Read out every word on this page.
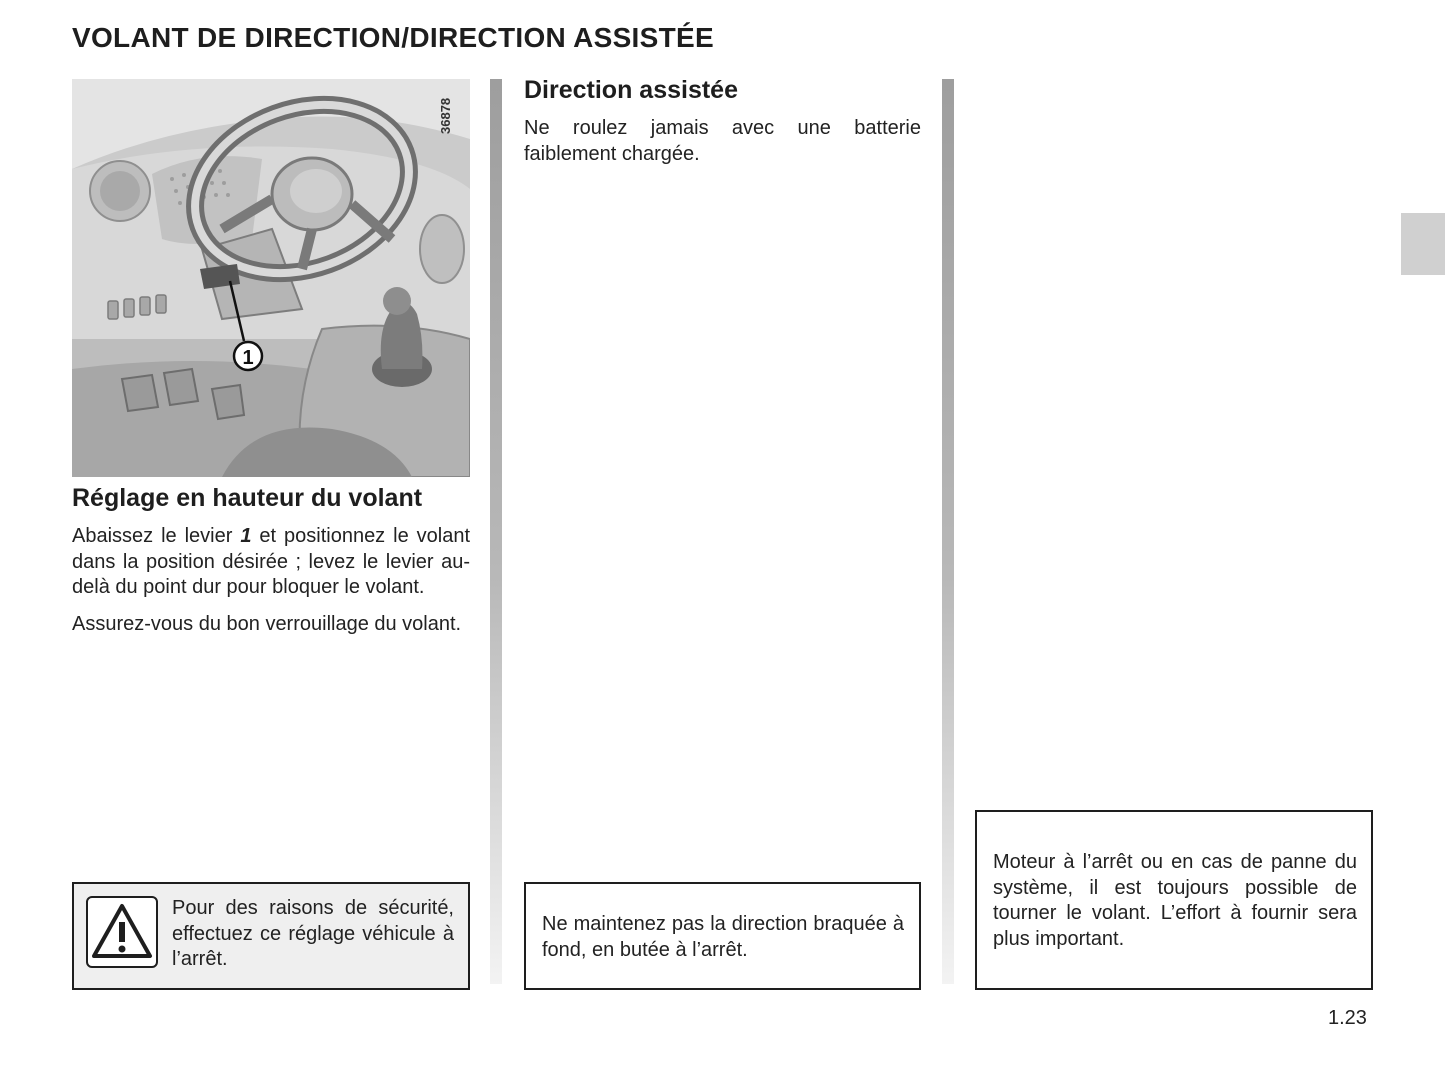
VOLANT DE DIRECTION/DIRECTION ASSISTÉE
1
36878
Réglage en hauteur du volant

Abaissez le levier 1 et positionnez le volant dans la position désirée ; levez le levier au-delà du point dur pour bloquer le volant.

Assurez-vous du bon verrouillage du volant.

Pour des raisons de sécurité, effectuez ce réglage véhicule à l’arrêt.
Direction assistée

Ne roulez jamais avec une batterie faiblement chargée.

Ne maintenez pas la direction braquée à fond, en butée à l’arrêt.
Moteur à l’arrêt ou en cas de panne du système, il est toujours possible de tourner le volant. L’effort à fournir sera plus important.
1.23
